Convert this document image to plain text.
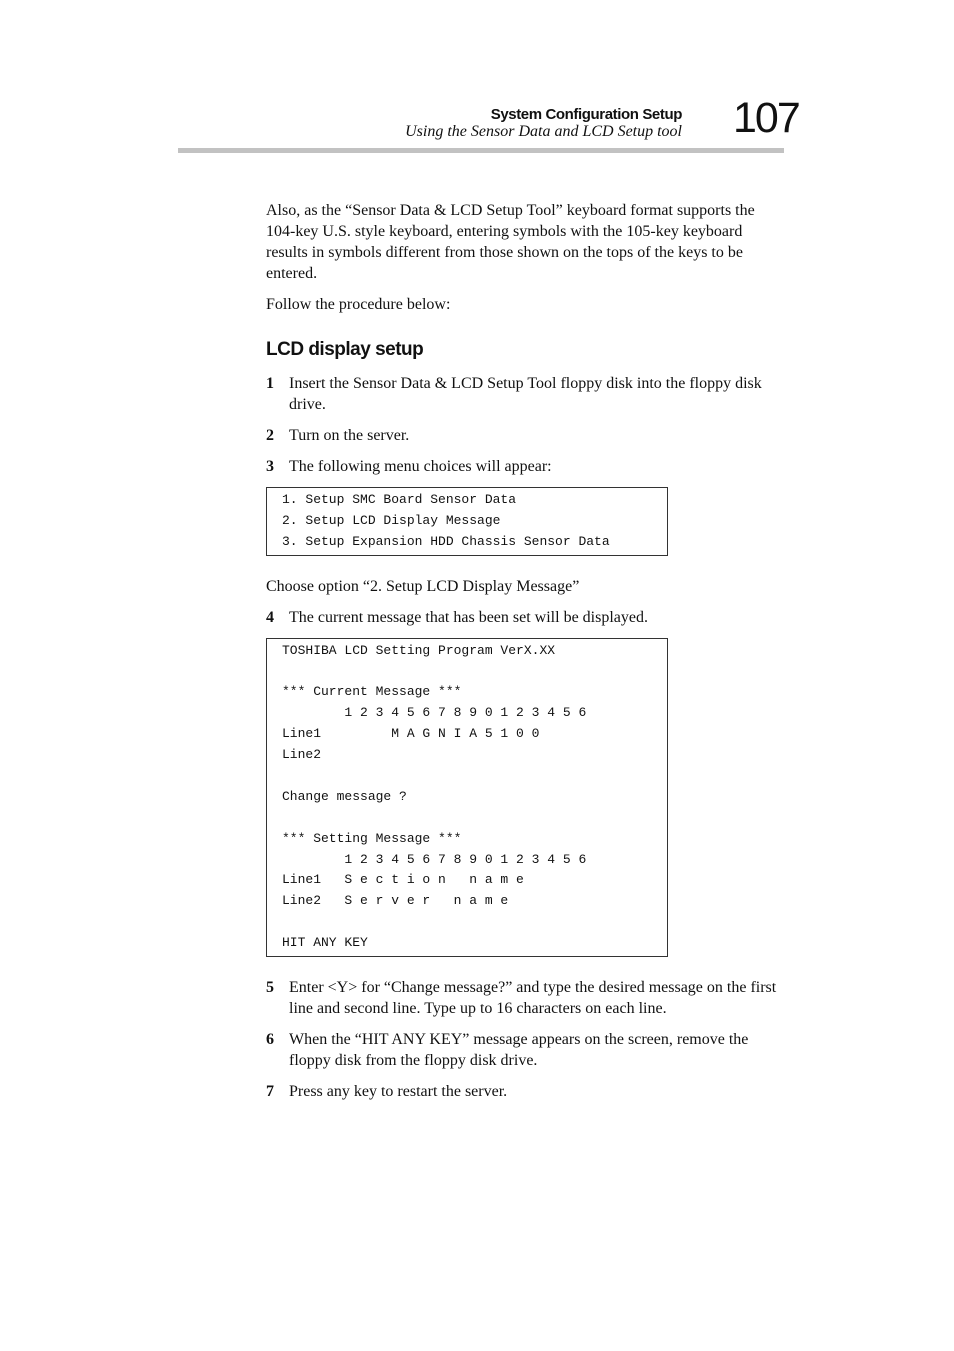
System Configuration Setup
Using the Sensor Data and LCD Setup tool 107

Also, as the “Sensor Data & LCD Setup Tool” keyboard format supports the 104-key U.S. style keyboard, entering symbols with the 105-key keyboard results in symbols different from those shown on the tops of the keys to be entered.

Follow the procedure below:

LCD display setup
1 Insert the Sensor Data & LCD Setup Tool floppy disk into the floppy disk drive.
2 Turn on the server.
3 The following menu choices will appear:
1. Setup SMC Board Sensor Data
2. Setup LCD Display Message
3. Setup Expansion HDD Chassis Sensor Data

Choose option “2. Setup LCD Display Message”

4 The current message that has been set will be displayed.
TOSHIBA LCD Setting Program VerX.XX
*** Current Message ***
1 2 3 4 5 6 7 8 9 0 1 2 3 4 5 6
Line1         M A G N I A 5 1 0 0
Line2
Change message ?
*** Setting Message ***
1 2 3 4 5 6 7 8 9 0 1 2 3 4 5 6
Line1   S e c t i o n   n a m e
Line2   S e r v e r   n a m e
HIT ANY KEY
5 Enter <Y> for “Change message?” and type the desired message on the first line and second line. Type up to 16 characters on each line.
6 When the “HIT ANY KEY” message appears on the screen, remove the floppy disk from the floppy disk drive.
7 Press any key to restart the server.
